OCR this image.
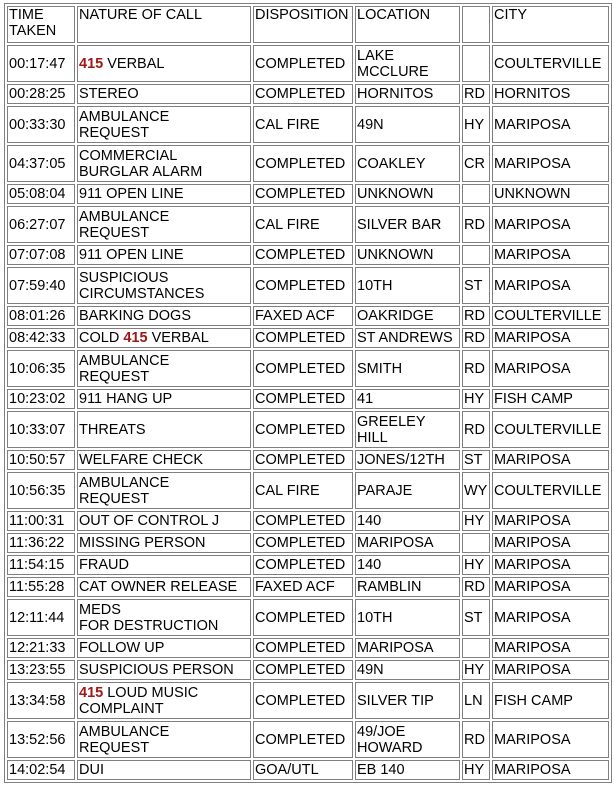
TIME
TAKEN	NATURE OF CALL	DISPOSITION	LOCATION		CITY
00:17:47	415 VERBAL	COMPLETED	LAKE
MCCLURE		COULTERVILLE
00:28:25	STEREO	COMPLETED	HORNITOS	RD	HORNITOS
00:33:30	AMBULANCE
REQUEST	CAL FIRE	49N	HY	MARIPOSA
04:37:05	COMMERCIAL
BURGLAR ALARM	COMPLETED	COAKLEY	CR	MARIPOSA
05:08:04	911 OPEN LINE	COMPLETED	UNKNOWN		UNKNOWN
06:27:07	AMBULANCE
REQUEST	CAL FIRE	SILVER BAR	RD	MARIPOSA
07:07:08	911 OPEN LINE	COMPLETED	UNKNOWN		MARIPOSA
07:59:40	SUSPICIOUS
CIRCUMSTANCES	COMPLETED	10TH	ST	MARIPOSA
08:01:26	BARKING DOGS	FAXED ACF	OAKRIDGE	RD	COULTERVILLE
08:42:33	COLD 415 VERBAL	COMPLETED	ST ANDREWS	RD	MARIPOSA
10:06:35	AMBULANCE
REQUEST	COMPLETED	SMITH	RD	MARIPOSA
10:23:02	911 HANG UP	COMPLETED	41	HY	FISH CAMP
10:33:07	THREATS	COMPLETED	GREELEY
HILL	RD	COULTERVILLE
10:50:57	WELFARE CHECK	COMPLETED	JONES/12TH	ST	MARIPOSA
10:56:35	AMBULANCE
REQUEST	CAL FIRE	PARAJE	WY	COULTERVILLE
11:00:31	OUT OF CONTROL J	COMPLETED	140	HY	MARIPOSA
11:36:22	MISSING PERSON	COMPLETED	MARIPOSA		MARIPOSA
11:54:15	FRAUD	COMPLETED	140	HY	MARIPOSA
11:55:28	CAT OWNER RELEASE	FAXED ACF	RAMBLIN	RD	MARIPOSA
12:11:44	MEDS
FOR DESTRUCTION	COMPLETED	10TH	ST	MARIPOSA
12:21:33	FOLLOW UP	COMPLETED	MARIPOSA		MARIPOSA
13:23:55	SUSPICIOUS PERSON	COMPLETED	49N	HY	MARIPOSA
13:34:58	415 LOUD MUSIC
COMPLAINT	COMPLETED	SILVER TIP	LN	FISH CAMP
13:52:56	AMBULANCE
REQUEST	COMPLETED	49/JOE
HOWARD	RD	MARIPOSA
14:02:54	DUI	GOA/UTL	EB 140	HY	MARIPOSA
